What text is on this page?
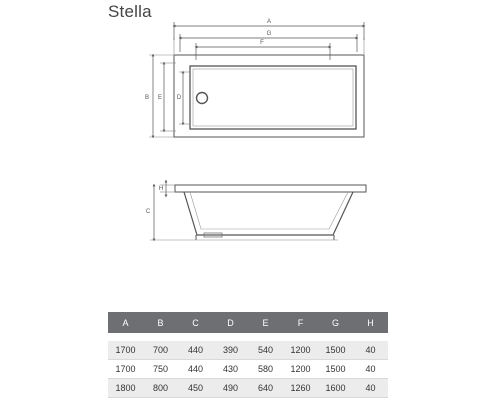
Stella
A
G
F
B E D
H
C
A	B	C	D	E	F	G	H
1700	700	440	390	540	1200	1500	40
1700	750	440	430	580	1200	1500	40
1800	800	450	490	640	1260	1600	40
